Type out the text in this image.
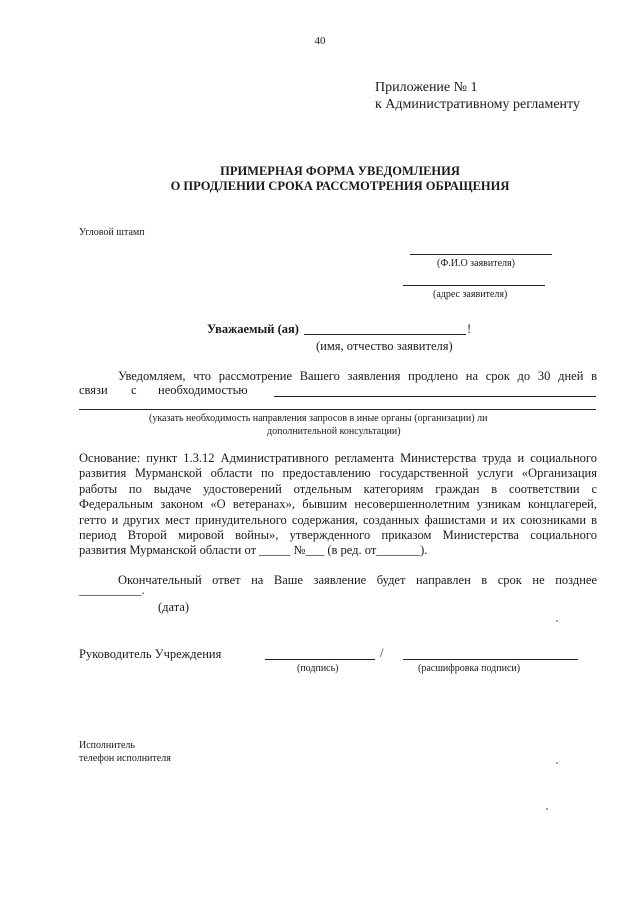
40
Приложение № 1
к Административному регламенту
ПРИМЕРНАЯ ФОРМА УВЕДОМЛЕНИЯ
О ПРОДЛЕНИИ СРОКА РАССМОТРЕНИЯ ОБРАЩЕНИЯ
Угловой штамп
(Ф.И.О заявителя)
(адрес заявителя)
Уважаемый (ая)	!
(имя, отчество заявителя)
Уведомляем, что рассмотрение Вашего заявления продлено на срок до 30 дней в
связи с необходимостью
(указать необходимость направления запросов в иные органы (организации) ли
дополнительной консультации)
Основание: пункт 1.3.12 Административного регламента Министерства труда и социального
развития Мурманской области по предоставлению государственной услуги «Организация
работы по выдаче удостоверений отдельным категориям граждан в соответствии с
Федеральным законом «О ветеранах», бывшим несовершеннолетним узникам концлагерей,
гетто и других мест принудительного содержания, созданных фашистами и их союзниками в
период Второй мировой войны», утвержденного приказом Министерства социального
развития Мурманской области от _____ №___ (в ред. от_______).
Окончательный ответ на Ваше заявление будет направлен в срок не позднее
__________.
(дата)
Руководитель Учреждения	/
(подпись)	(расшифровка подписи)
Исполнитель
телефон исполнителя
